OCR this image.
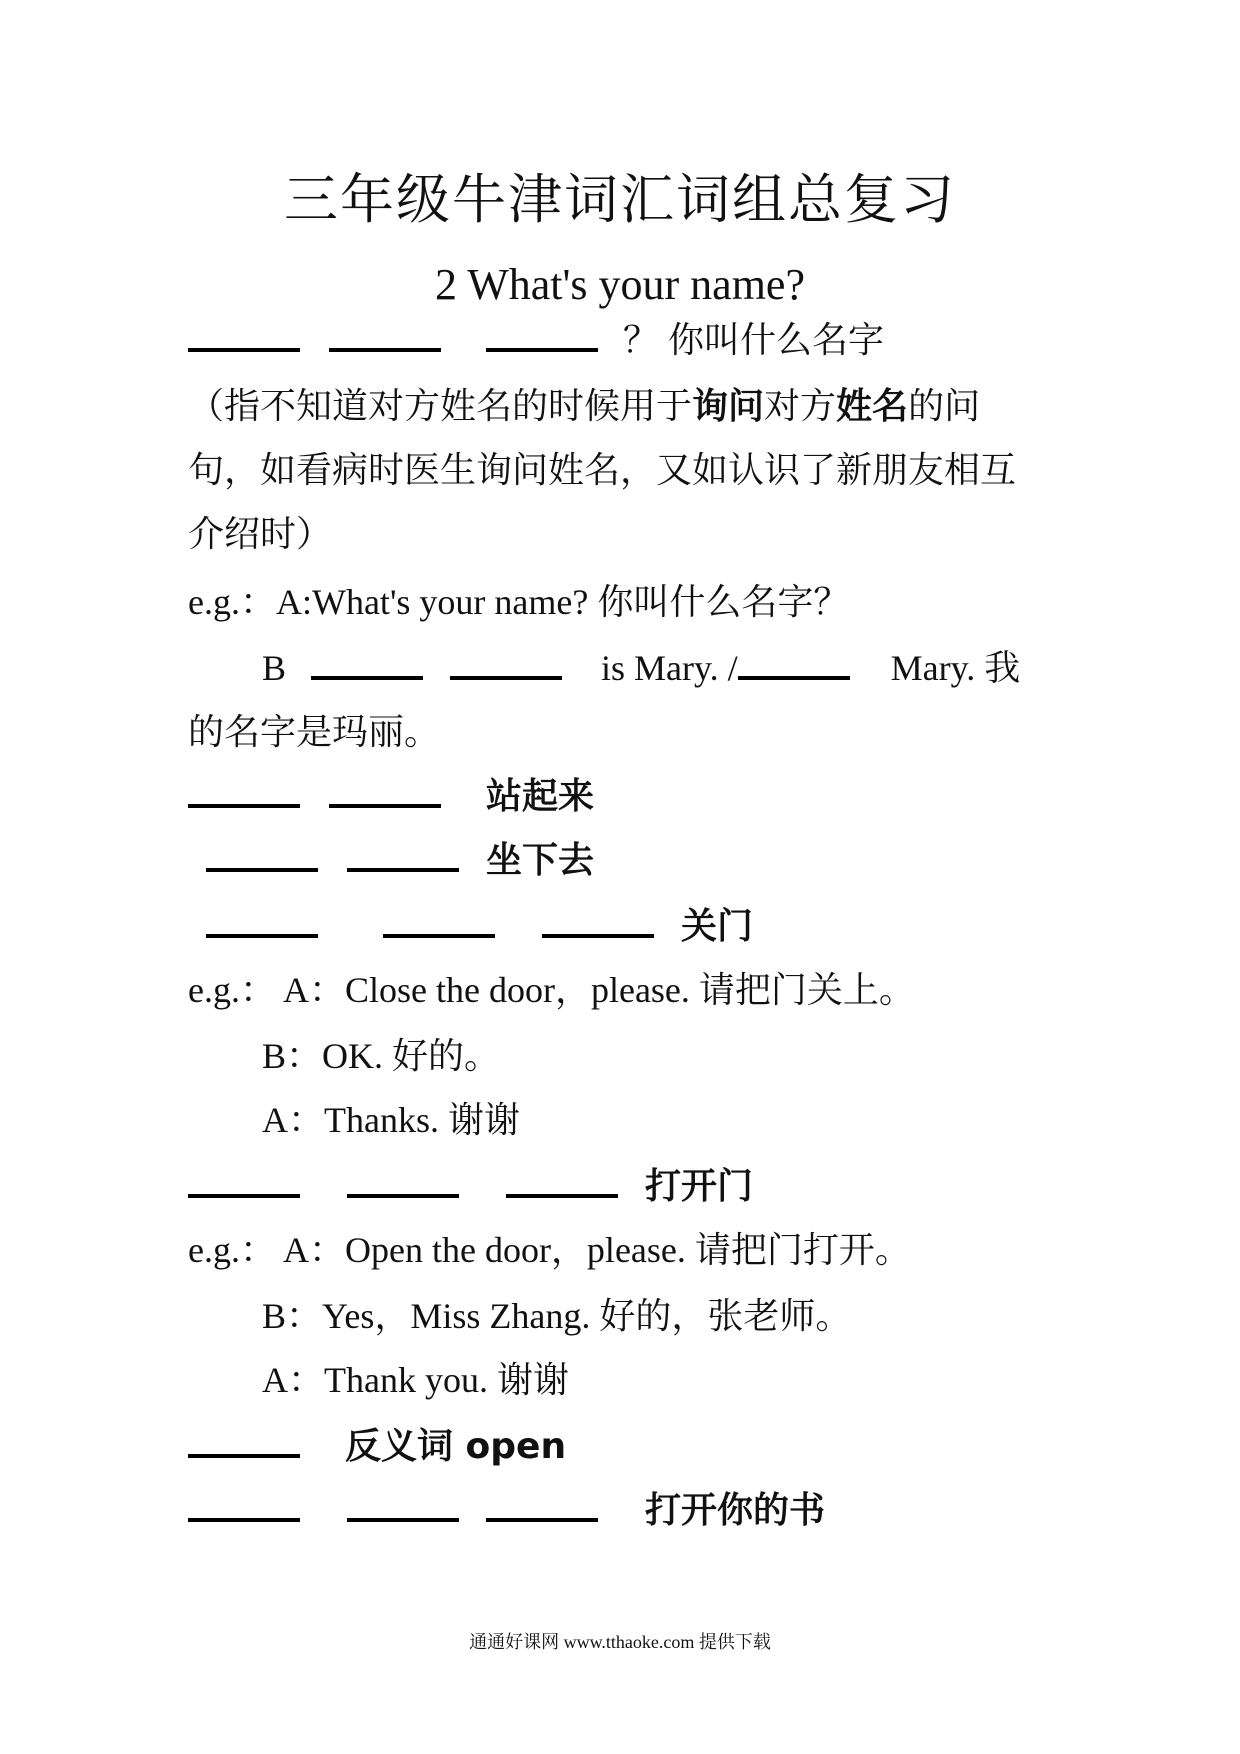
三年级牛津词汇词组总复习
2 What's your name?
？ 你叫什么名字
（指不知道对方姓名的时候用于询问对方姓名的问
句，如看病时医生询问姓名，又如认识了新朋友相互
介绍时）
e.g.：A:What's your name? 你叫什么名字？
B	is Mary. /	Mary. 我
的名字是玛丽。
站起来
坐下去
关门
e.g.： A：Close the door，please. 请把门关上。
B：OK. 好的。
A：Thanks. 谢谢
打开门
e.g.： A：Open the door，please. 请把门打开。
B：Yes，Miss Zhang. 好的，张老师。
A：Thank you. 谢谢
反义词 open
打开你的书
通通好课网 www.tthaoke.com 提供下载
